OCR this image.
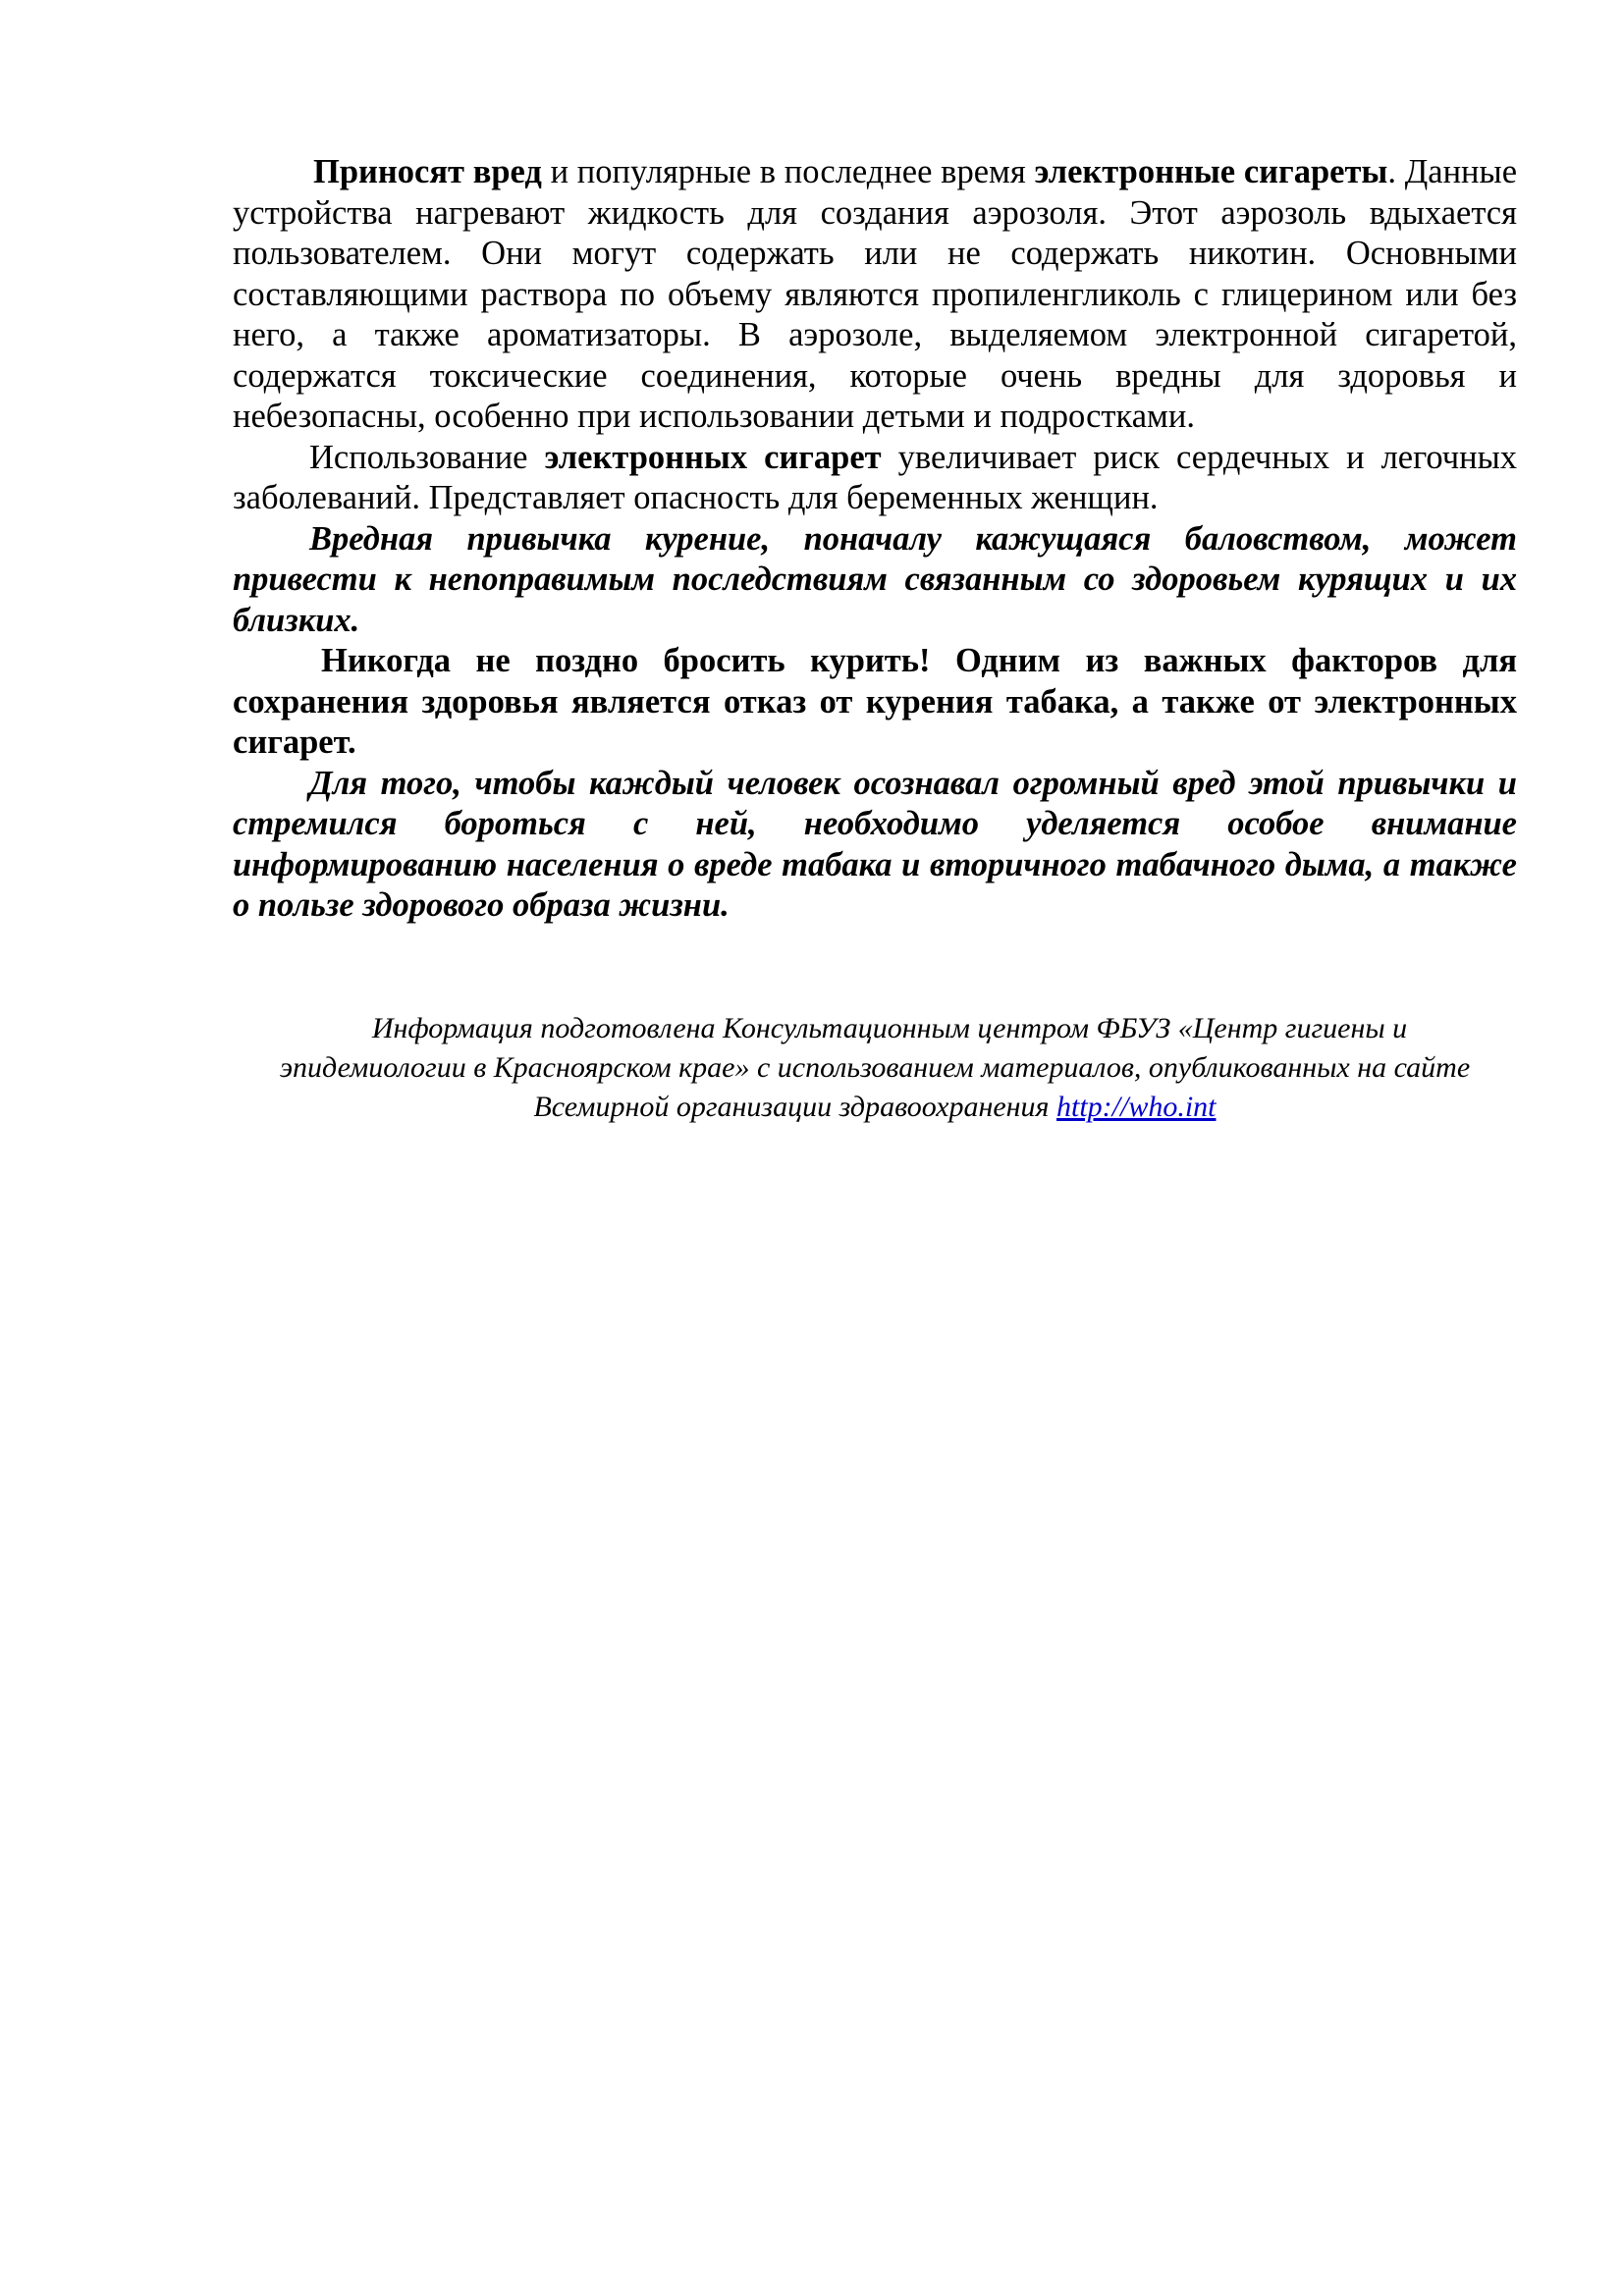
Приносят вред и популярные в последнее время электронные сигареты. Данные устройства нагревают жидкость для создания аэрозоля. Этот аэрозоль вдыхается пользователем. Они могут содержать или не содержать никотин. Основными составляющими раствора по объему являются пропиленгликоль с глицерином или без него, а также ароматизаторы. В аэрозоле, выделяемом электронной сигаретой, содержатся токсические соединения, которые очень вредны для здоровья и небезопасны, особенно при использовании детьми и подростками.

Использование электронных сигарет увеличивает риск сердечных и легочных заболеваний. Представляет опасность для беременных женщин.

Вредная привычка курение, поначалу кажущаяся баловством, может привести к непоправимым последствиям связанным со здоровьем курящих и их близких.

Никогда не поздно бросить курить! Одним из важных факторов для сохранения здоровья является отказ от курения табака, а также от электронных сигарет.

Для того, чтобы каждый человек осознавал огромный вред этой привычки и стремился бороться с ней, необходимо уделяется особое внимание информированию населения о вреде табака и вторичного табачного дыма, а также о пользе здорового образа жизни.

Информация подготовлена Консультационным центром ФБУЗ «Центр гигиены и
эпидемиологии в Красноярском крае» с использованием материалов, опубликованных на сайте
Всемирной организации здравоохранения http://who.int
